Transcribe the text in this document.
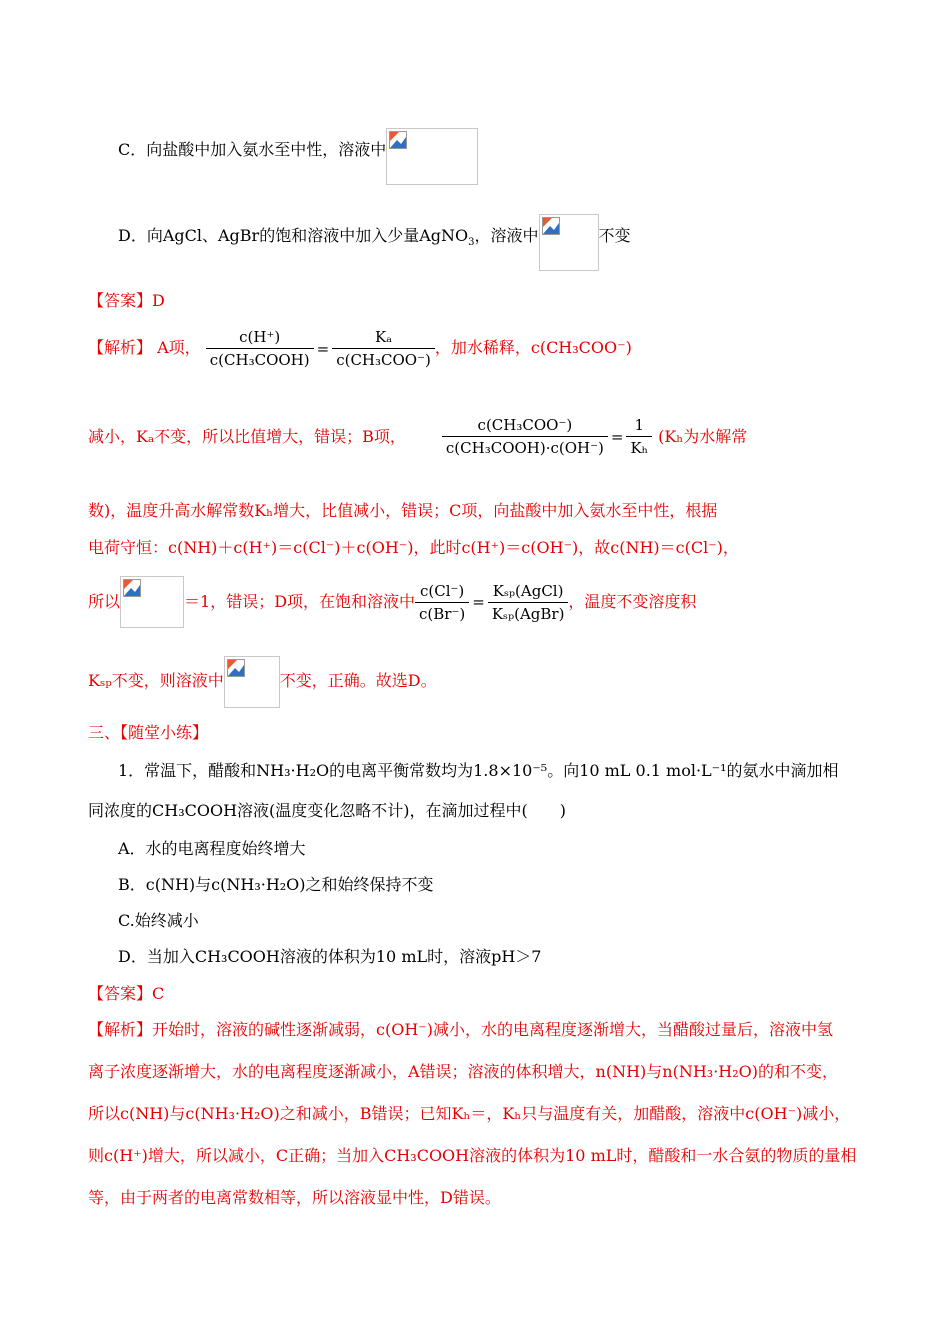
C．向盐酸中加入氨水至中性，溶液中
D．向AgCl、AgBr的饱和溶液中加入少量AgNO$_3$，溶液中	不变
【答案】D
【解析】 A项， $\frac{c(H^+)}{\text{c(CH₃COOH)}} = \frac{\text{Kₐ}}{\text{c(CH₃COO⁻)}}$ ，加水稀释，c(CH₃COO⁻)
减小，Kₐ不变，所以比值增大，错误；B项， $\frac{\text{c(CH₃COO⁻)}}{\text{c(CH₃COOH)·c(OH⁻)}} = \frac{1}{\text{Kₕ}} (K_h$为水解常
数)，温度升高水解常数Kₕ增大，比值减小，错误；C项，向盐酸中加入氨水至中性，根据
电荷守恒：c(NH)＋c(H⁺)＝c(Cl⁻)＋c(OH⁻)，此时c(H⁺)＝c(OH⁻)，故c(NH)＝c(Cl⁻)，
所以	＝1，错误；D项，在饱和溶液中 $\frac{c(Cl^-)}{c(Br^-)} = \frac{\text{Kₛₚ(AgCl)}}{\text{Kₛₚ(AgBr)}}$ ，温度不变溶度积
Kₛₚ不变，则溶液中	不变，正确。故选D。
三、【随堂小练】
1．常温下，醋酸和NH₃·H₂O的电离平衡常数均为1.8×10⁻⁵。向10 mL 0.1 mol·L⁻¹的氨水中滴加相
同浓度的CH₃COOH溶液(温度变化忽略不计)，在滴加过程中(　　)
A．水的电离程度始终增大
B．c(NH)与c(NH₃·H₂O)之和始终保持不变
C.始终减小
D．当加入CH₃COOH溶液的体积为10 mL时，溶液pH＞7
【答案】C
【解析】开始时，溶液的碱性逐渐减弱，c(OH⁻)减小，水的电离程度逐渐增大，当醋酸过量后，溶液中氢
离子浓度逐渐增大，水的电离程度逐渐减小，A错误；溶液的体积增大，n(NH)与n(NH₃·H₂O)的和不变，
所以c(NH)与c(NH₃·H₂O)之和减小，B错误；已知Kₕ＝，Kₕ只与温度有关，加醋酸，溶液中c(OH⁻)减小，
则c(H⁺)增大，所以减小，C正确；当加入CH₃COOH溶液的体积为10 mL时，醋酸和一水合氨的物质的量相
等，由于两者的电离常数相等，所以溶液显中性，D错误。
